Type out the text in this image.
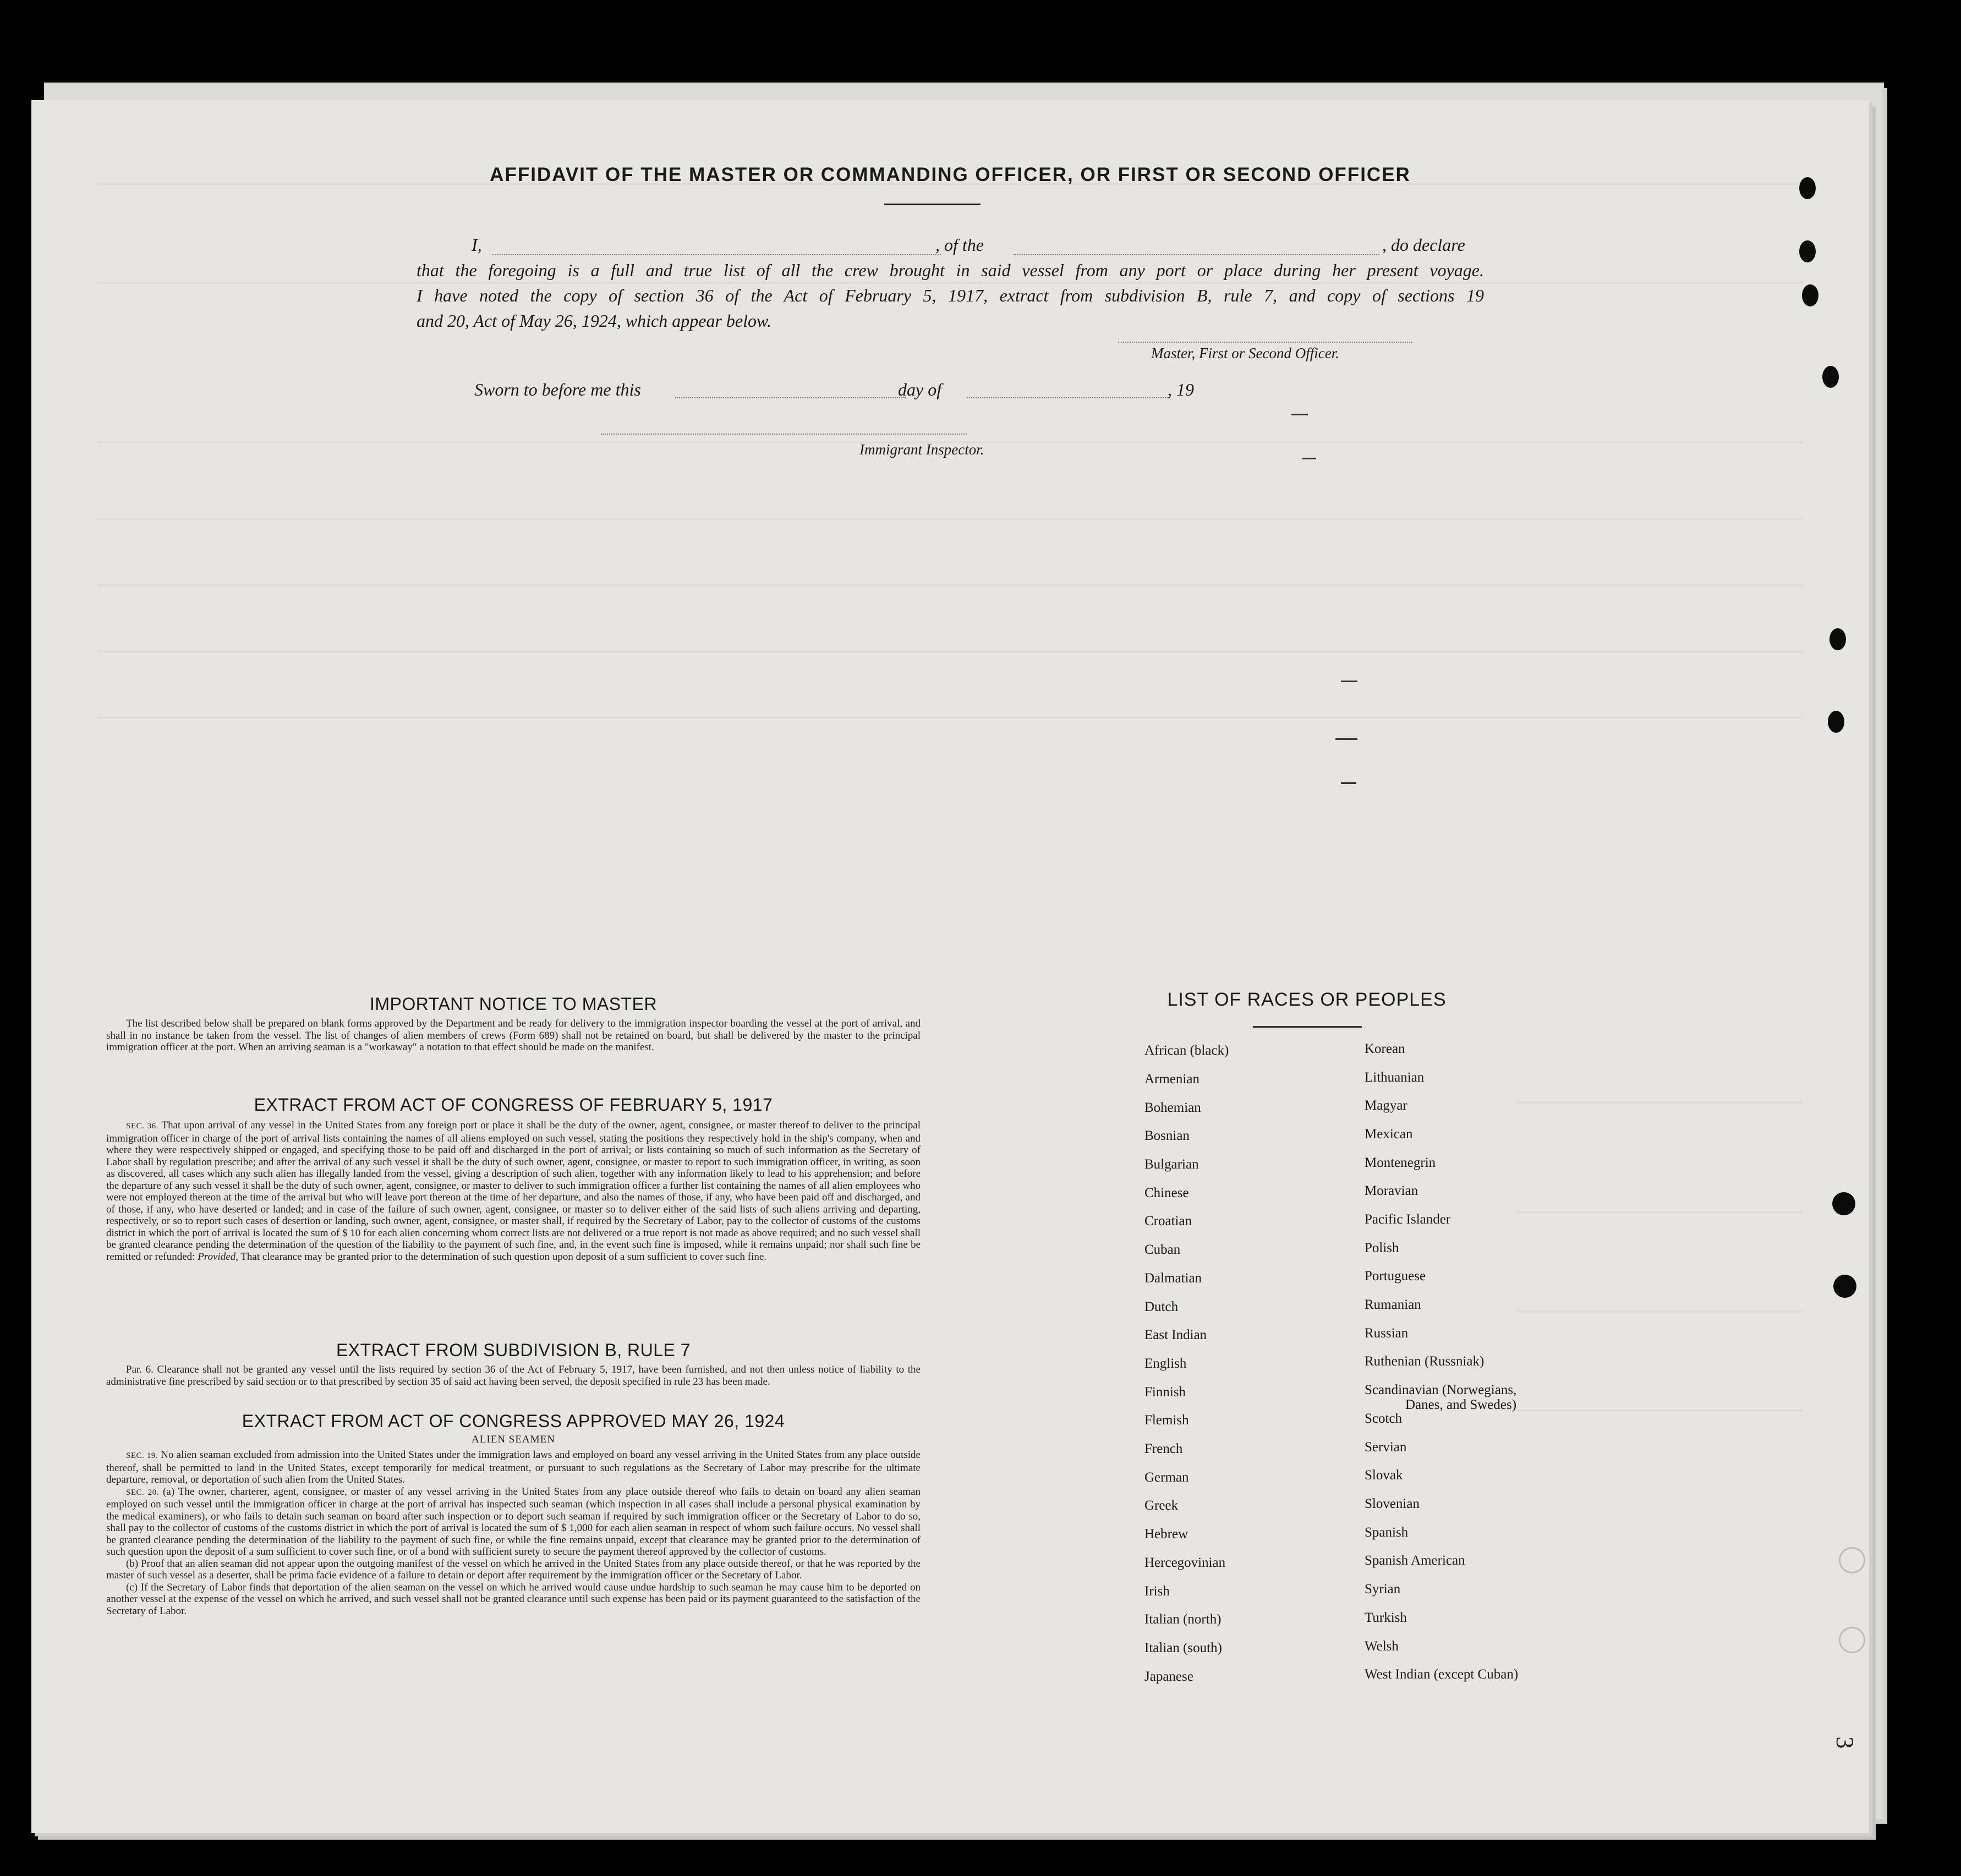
AFFIDAVIT OF THE MASTER OR COMMANDING OFFICER, OR FIRST OR SECOND OFFICER
I,	, of the	, do declare
that the foregoing is a full and true list of all the crew brought in said vessel from any port or place during her present voyage.
I have noted the copy of section 36 of the Act of February 5, 1917, extract from subdivision B, rule 7, and copy of sections 19
and 20, Act of May 26, 1924, which appear below.
Master, First or Second Officer.
Sworn to before me this	day of	, 19
Immigrant Inspector.
IMPORTANT NOTICE TO MASTER

The list described below shall be prepared on blank forms approved by the Department and be ready for delivery to the immigration inspector boarding the vessel at the port of arrival, and shall in no instance be taken from the vessel. The list of changes of alien members of crews (Form 689) shall not be retained on board, but shall be delivered by the master to the principal immigration officer at the port. When an arriving seaman is a "workaway" a notation to that effect should be made on the manifest.

EXTRACT FROM ACT OF CONGRESS OF FEBRUARY 5, 1917

SEC. 36. That upon arrival of any vessel in the United States from any foreign port or place it shall be the duty of the owner, agent, consignee, or master thereof to deliver to the principal immigration officer in charge of the port of arrival lists containing the names of all aliens employed on such vessel, stating the positions they respectively hold in the ship's company, when and where they were respectively shipped or engaged, and specifying those to be paid off and discharged in the port of arrival; or lists containing so much of such information as the Secretary of Labor shall by regulation prescribe; and after the arrival of any such vessel it shall be the duty of such owner, agent, consignee, or master to report to such immigration officer, in writing, as soon as discovered, all cases which any such alien has illegally landed from the vessel, giving a description of such alien, together with any information likely to lead to his apprehension; and before the departure of any such vessel it shall be the duty of such owner, agent, consignee, or master to deliver to such immigration officer a further list containing the names of all alien employees who were not employed thereon at the time of the arrival but who will leave port thereon at the time of her departure, and also the names of those, if any, who have been paid off and discharged, and of those, if any, who have deserted or landed; and in case of the failure of such owner, agent, consignee, or master so to deliver either of the said lists of such aliens arriving and departing, respectively, or so to report such cases of desertion or landing, such owner, agent, consignee, or master shall, if required by the Secretary of Labor, pay to the collector of customs of the customs district in which the port of arrival is located the sum of $ 10 for each alien concerning whom correct lists are not delivered or a true report is not made as above required; and no such vessel shall be granted clearance pending the determination of the question of the liability to the payment of such fine, and, in the event such fine is imposed, while it remains unpaid; nor shall such fine be remitted or refunded: Provided, That clearance may be granted prior to the determination of such question upon deposit of a sum sufficient to cover such fine.

EXTRACT FROM SUBDIVISION B, RULE 7

Par. 6. Clearance shall not be granted any vessel until the lists required by section 36 of the Act of February 5, 1917, have been furnished, and not then unless notice of liability to the administrative fine prescribed by said section or to that prescribed by section 35 of said act having been served, the deposit specified in rule 23 has been made.

EXTRACT FROM ACT OF CONGRESS APPROVED MAY 26, 1924
ALIEN SEAMEN

SEC. 19. No alien seaman excluded from admission into the United States under the immigration laws and employed on board any vessel arriving in the United States from any place outside thereof, shall be permitted to land in the United States, except temporarily for medical treatment, or pursuant to such regulations as the Secretary of Labor may prescribe for the ultimate departure, removal, or deportation of such alien from the United States.

SEC. 20. (a) The owner, charterer, agent, consignee, or master of any vessel arriving in the United States from any place outside thereof who fails to detain on board any alien seaman employed on such vessel until the immigration officer in charge at the port of arrival has inspected such seaman (which inspection in all cases shall include a personal physical examination by the medical examiners), or who fails to detain such seaman on board after such inspection or to deport such seaman if required by such immigration officer or the Secretary of Labor to do so, shall pay to the collector of customs of the customs district in which the port of arrival is located the sum of $ 1,000 for each alien seaman in respect of whom such failure occurs. No vessel shall be granted clearance pending the determination of the liability to the payment of such fine, or while the fine remains unpaid, except that clearance may be granted prior to the determination of such question upon the deposit of a sum sufficient to cover such fine, or of a bond with sufficient surety to secure the payment thereof approved by the collector of customs.

(b) Proof that an alien seaman did not appear upon the outgoing manifest of the vessel on which he arrived in the United States from any place outside thereof, or that he was reported by the master of such vessel as a deserter, shall be prima facie evidence of a failure to detain or deport after requirement by the immigration officer or the Secretary of Labor.

(c) If the Secretary of Labor finds that deportation of the alien seaman on the vessel on which he arrived would cause undue hardship to such seaman he may cause him to be deported on another vessel at the expense of the vessel on which he arrived, and such vessel shall not be granted clearance until such expense has been paid or its payment guaranteed to the satisfaction of the Secretary of Labor.

LIST OF RACES OR PEOPLES
African (black)
Armenian
Bohemian
Bosnian
Bulgarian
Chinese
Croatian
Cuban
Dalmatian
Dutch
East Indian
English
Finnish
Flemish
French
German
Greek
Hebrew
Hercegovinian
Irish
Italian (north)
Italian (south)
Japanese
Korean
Lithuanian
Magyar
Mexican
Montenegrin
Moravian
Pacific Islander
Polish
Portuguese
Rumanian
Russian
Ruthenian (Russniak)
Scandinavian (Norwegians,
Danes, and Swedes)
Scotch
Servian
Slovak
Slovenian
Spanish
Spanish American
Syrian
Turkish
Welsh
West Indian (except Cuban)
3
